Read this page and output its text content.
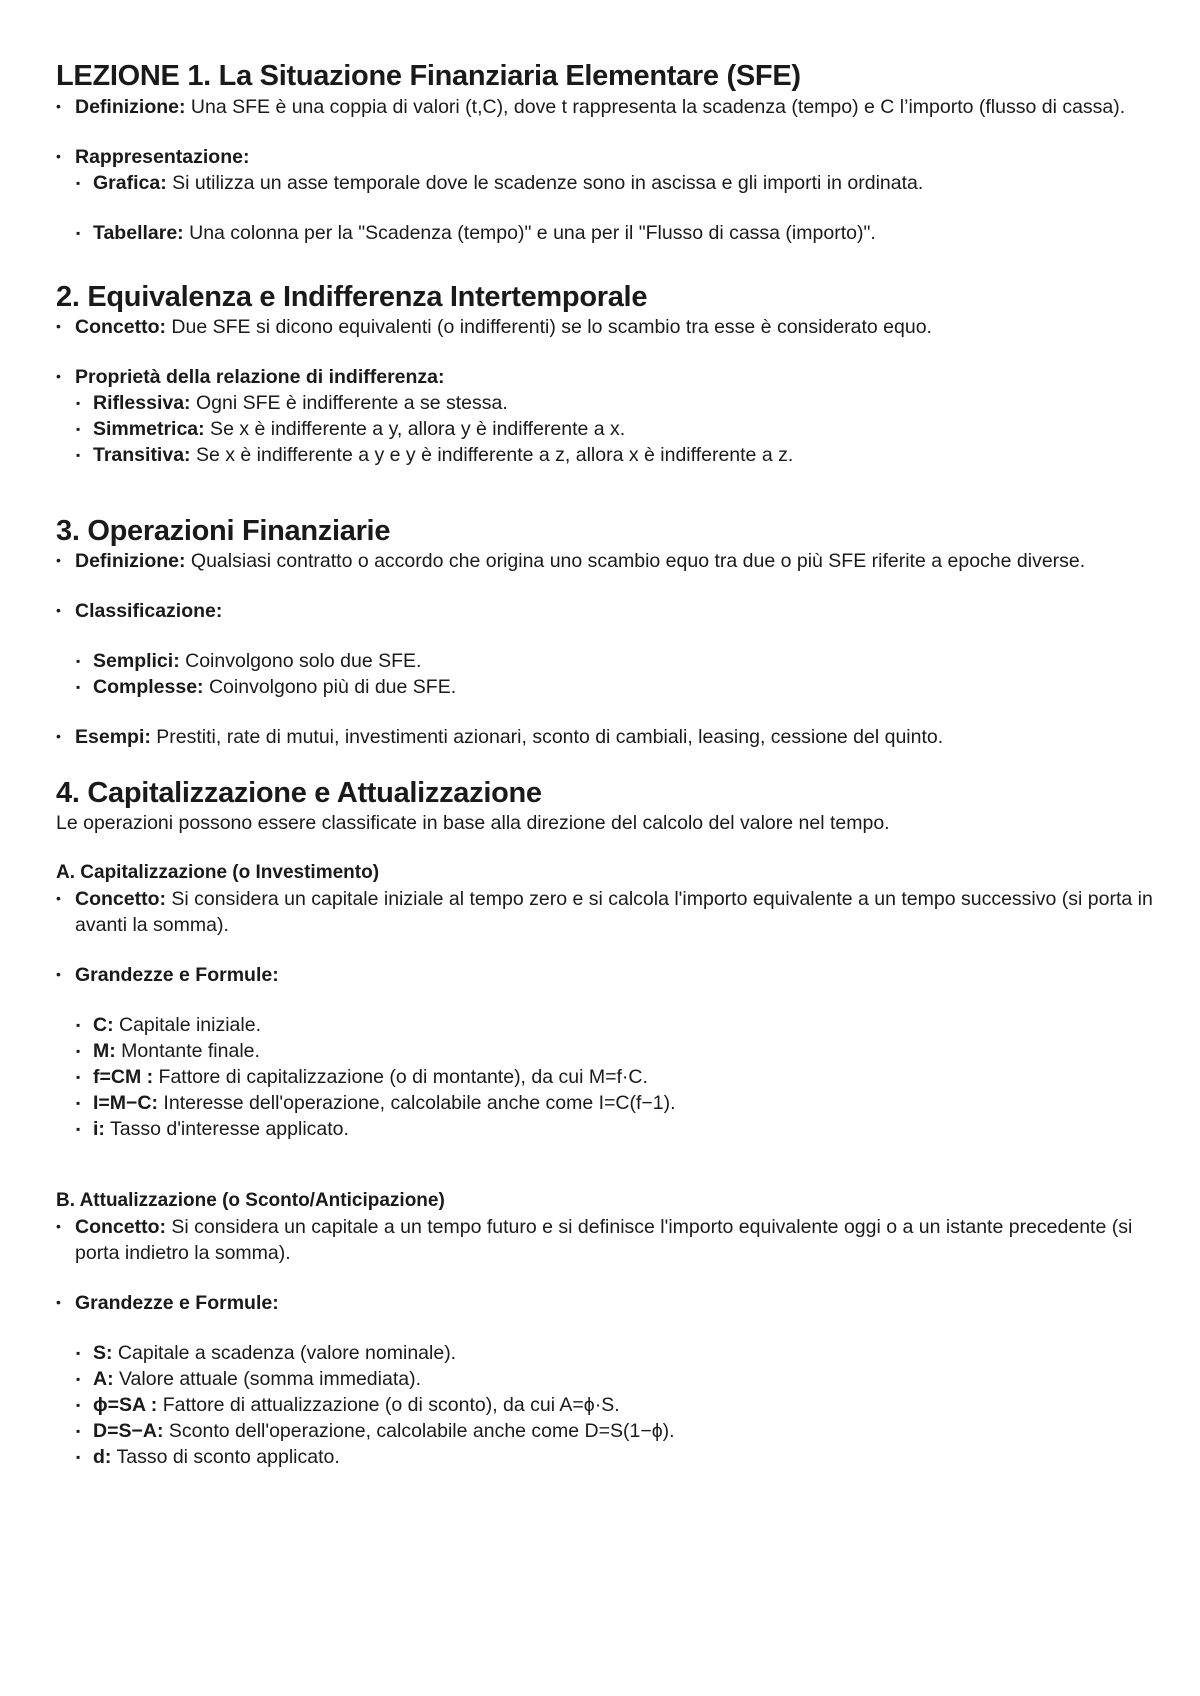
LEZIONE 1. La Situazione Finanziaria Elementare (SFE)
• Definizione: Una SFE è una coppia di valori (t,C), dove t rappresenta la scadenza (tempo) e C l’importo (flusso di cassa).
• Rappresentazione:
▪ Grafica: Si utilizza un asse temporale dove le scadenze sono in ascissa e gli importi in ordinata.
▪ Tabellare: Una colonna per la "Scadenza (tempo)" e una per il "Flusso di cassa (importo)".
2. Equivalenza e Indifferenza Intertemporale
• Concetto: Due SFE si dicono equivalenti (o indifferenti) se lo scambio tra esse è considerato equo.
• Proprietà della relazione di indifferenza:
▪ Riflessiva: Ogni SFE è indifferente a se stessa.
▪ Simmetrica: Se x è indifferente a y, allora y è indifferente a x.
▪ Transitiva: Se x è indifferente a y e y è indifferente a z, allora x è indifferente a z.
3. Operazioni Finanziarie
• Definizione: Qualsiasi contratto o accordo che origina uno scambio equo tra due o più SFE riferite a epoche diverse.
• Classificazione:
▪ Semplici: Coinvolgono solo due SFE.
▪ Complesse: Coinvolgono più di due SFE.
• Esempi: Prestiti, rate di mutui, investimenti azionari, sconto di cambiali, leasing, cessione del quinto.
4. Capitalizzazione e Attualizzazione

Le operazioni possono essere classificate in base alla direzione del calcolo del valore nel tempo.

A. Capitalizzazione (o Investimento)
• Concetto: Si considera un capitale iniziale al tempo zero e si calcola l'importo equivalente a un tempo successivo (si porta in avanti la somma).
• Grandezze e Formule:
▪ C: Capitale iniziale.
▪ M: Montante finale.
▪ f=CM : Fattore di capitalizzazione (o di montante), da cui M=f·C.
▪ I=M−C: Interesse dell'operazione, calcolabile anche come I=C(f−1).
▪ i: Tasso d'interesse applicato.
B. Attualizzazione (o Sconto/Anticipazione)
• Concetto: Si considera un capitale a un tempo futuro e si definisce l'importo equivalente oggi o a un istante precedente (si porta indietro la somma).
• Grandezze e Formule:
▪ S: Capitale a scadenza (valore nominale).
▪ A: Valore attuale (somma immediata).
▪ ϕ=SA : Fattore di attualizzazione (o di sconto), da cui A=ϕ·S.
▪ D=S−A: Sconto dell'operazione, calcolabile anche come D=S(1−ϕ).
▪ d: Tasso di sconto applicato.
